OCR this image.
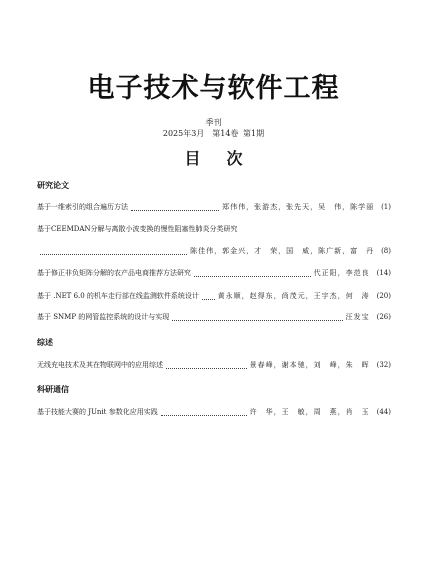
电子技术与软件工程
季刊
2025年3月　第14卷 第1期
目次
研究论文
基于一维索引的组合遍历方法	郑伟伟，张游杰，张先天，吴　伟，陈学丽 (1)
基于CEEMDAN分解与离散小波变换的慢性阻塞性肺炎分类研究
陈佳伟，郭金兴，才　荣，国　威，陈广新，富　丹 (8)
基于修正非负矩阵分解的农产品电商推荐方法研究	代正阳，李范良 (14)
基于 .NET 6.0 的机车走行部在线监测软件系统设计	黄永顺，赵得东，尚茂元，王宇杰，何　涛 (20)
基于 SNMP 的网管监控系统的设计与实现	汪发宝 (26)
综述
无线充电技术及其在物联网中的应用综述	景春峰，谢本驰，刘　峰，朱　晖 (32)
科研通信
基于技能大赛的 JUnit 参数化应用实践	许　华，王　敏，周　燕，肖　玉 (44)
